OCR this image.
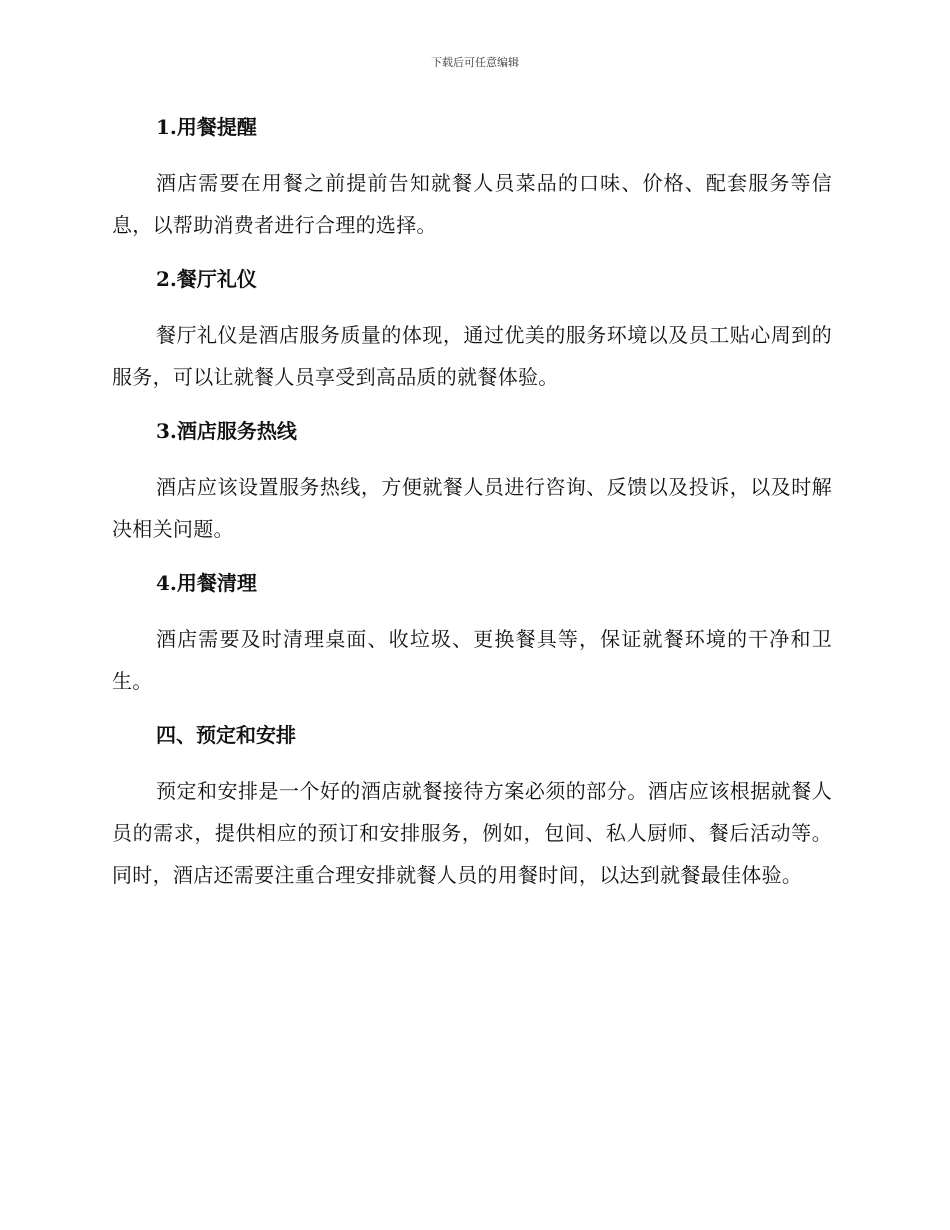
下载后可任意编辑

1.用餐提醒

酒店需要在用餐之前提前告知就餐人员菜品的口味、价格、配套服务等信息，以帮助消费者进行合理的选择。

2.餐厅礼仪

餐厅礼仪是酒店服务质量的体现，通过优美的服务环境以及员工贴心周到的服务，可以让就餐人员享受到高品质的就餐体验。

3.酒店服务热线

酒店应该设置服务热线，方便就餐人员进行咨询、反馈以及投诉，以及时解决相关问题。

4.用餐清理

酒店需要及时清理桌面、收垃圾、更换餐具等，保证就餐环境的干净和卫生。

四、预定和安排

预定和安排是一个好的酒店就餐接待方案必须的部分。酒店应该根据就餐人员的需求，提供相应的预订和安排服务，例如，包间、私人厨师、餐后活动等。同时，酒店还需要注重合理安排就餐人员的用餐时间，以达到就餐最佳体验。
